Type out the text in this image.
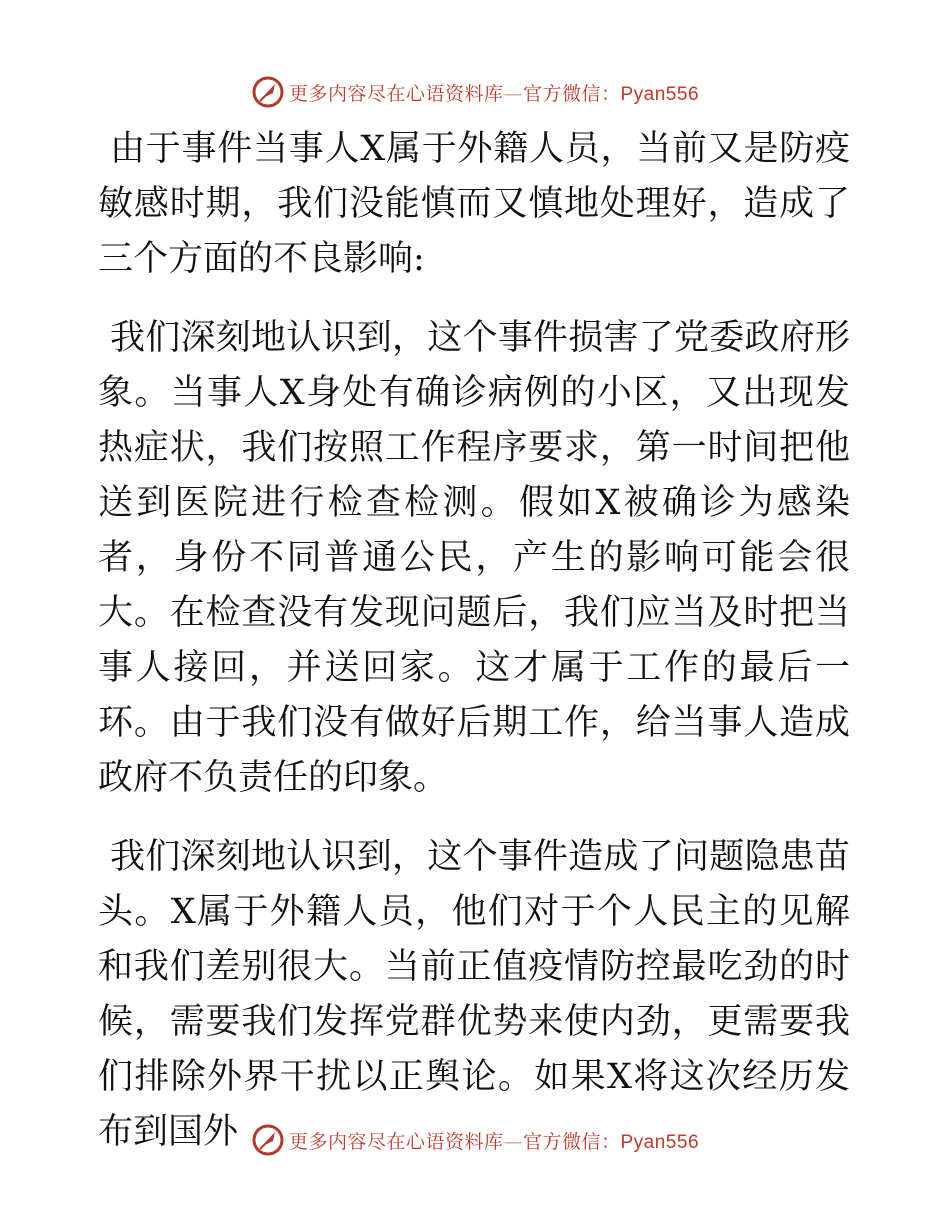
更多内容尽在心语资料库—官方微信：Pyan556

由于事件当事人X属于外籍人员，当前又是防疫敏感时期，我们没能慎而又慎地处理好，造成了三个方面的不良影响:

我们深刻地认识到，这个事件损害了党委政府形象。当事人X身处有确诊病例的小区，又出现发热症状，我们按照工作程序要求，第一时间把他送到医院进行检查检测。假如X被确诊为感染者，身份不同普通公民，产生的影响可能会很大。在检查没有发现问题后，我们应当及时把当事人接回，并送回家。这才属于工作的最后一环。由于我们没有做好后期工作，给当事人造成政府不负责任的印象。

我们深刻地认识到，这个事件造成了问题隐患苗头。X属于外籍人员，他们对于个人民主的见解和我们差别很大。当前正值疫情防控最吃劲的时候，需要我们发挥党群优势来使内劲，更需要我们排除外界干扰以正舆论。如果X将这次经历发布到国外	更多内容尽在心语资料库—官方微信：Pyan556
